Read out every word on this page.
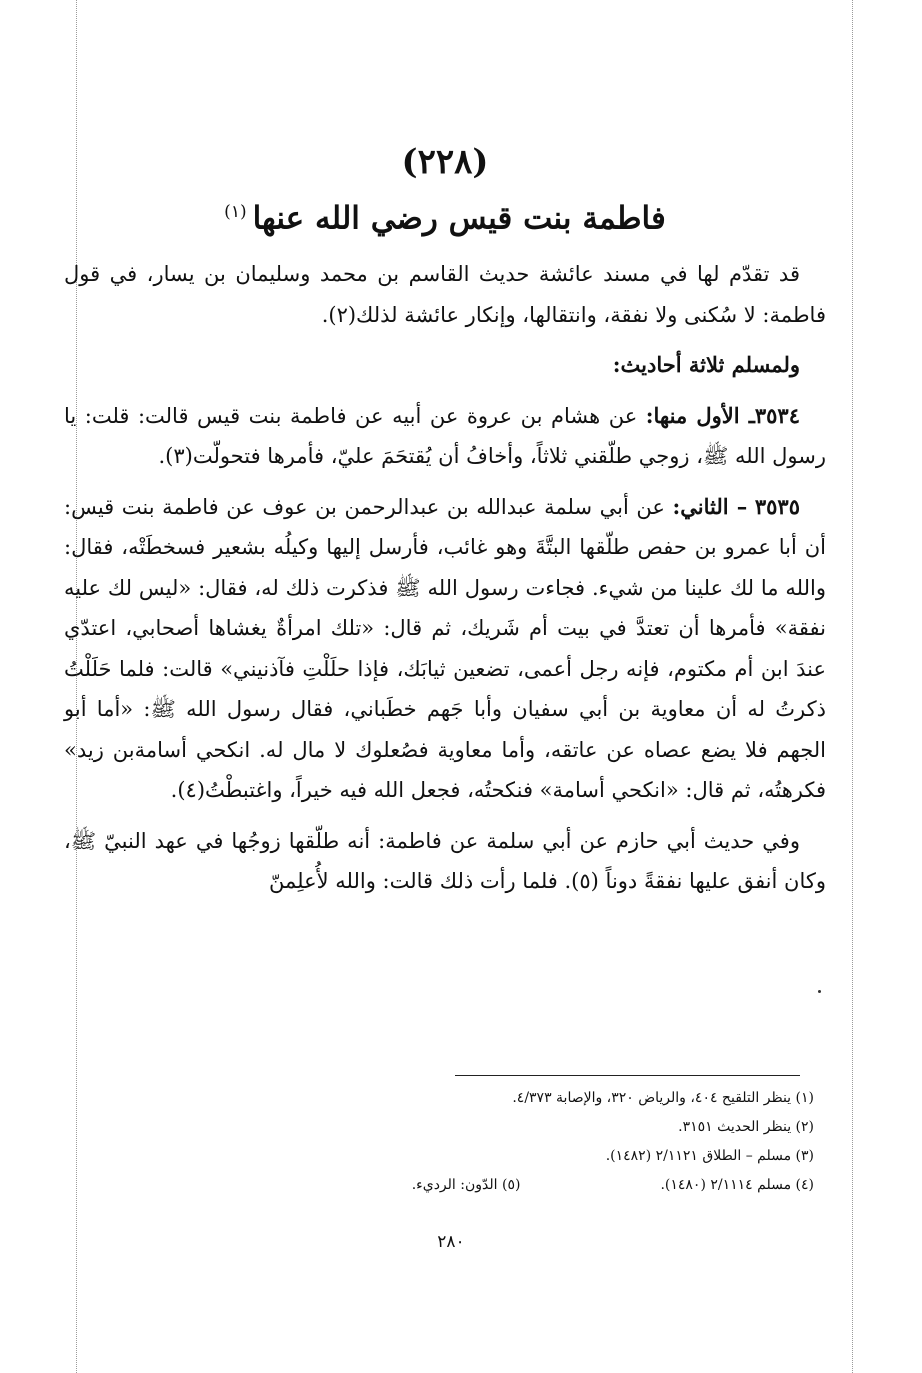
(٢٢٨)
فاطمة بنت قيس رضي الله عنها$^{(١)}$

قد تقدّم لها في مسند عائشة حديث القاسم بن محمد وسليمان بن يسار، في قول فاطمة: لا سُكنى ولا نفقة، وانتقالها، وإنكار عائشة لذلك(٢).

ولمسلم ثلاثة أحاديث:

٣٥٣٤ـ الأول منها: عن هشام بن عروة عن أبيه عن فاطمة بنت قيس قالت: قلت: يا رسول الله ﷺ، زوجي طلّقني ثلاثاً، وأخافُ أن يُقتحَمَ عليّ، فأمرها فتحولّت(٣).

٣٥٣٥ – الثاني: عن أبي سلمة عبدالله بن عبدالرحمن بن عوف عن فاطمة بنت قيس: أن أبا عمرو بن حفص طلّقها البتَّةَ وهو غائب، فأرسل إليها وكيلُه بشعير فسخطَتْه، فقال: والله ما لك علينا من شيء. فجاءت رسول الله ﷺ فذكرت ذلك له، فقال: «ليس لك عليه نفقة» فأمرها أن تعتدَّ في بيت أم شَريك، ثم قال: «تلك امرأةٌ يغشاها أصحابي، اعتدّي عندَ ابن أم مكتوم، فإنه رجل أعمى، تضعين ثيابَك، فإذا حلَلْتِ فآذنيني» قالت: فلما حَلَلْتُ ذكرتُ له أن معاوية بن أبي سفيان وأبا جَهم خطَباني، فقال رسول الله ﷺ: «أما أبو الجهم فلا يضع عصاه عن عاتقه، وأما معاوية فصُعلوك لا مال له. انكحي أسامةبن زيد» فكرهتُه، ثم قال: «انكحي أسامة» فنكحتُه، فجعل الله فيه خيراً، واغتبطْتُ(٤).

وفي حديث أبي حازم عن أبي سلمة عن فاطمة: أنه طلّقها زوجُها في عهد النبيّ ﷺ، وكان أنفق عليها نفقةً دوناً (٥). فلما رأت ذلك قالت: والله لأُعلِمنّ

(١) ينظر التلقيح ٤٠٤، والرياض ٣٢٠، والإصابة ٤/٣٧٣.
(٢) ينظر الحديث ٣١٥١.
(٣) مسلم – الطلاق ٢/١١٢١ (١٤٨٢).
(٤) مسلم ٢/١١١٤ (١٤٨٠).
(٥) الدّون: الرديء.
٢٨٠
